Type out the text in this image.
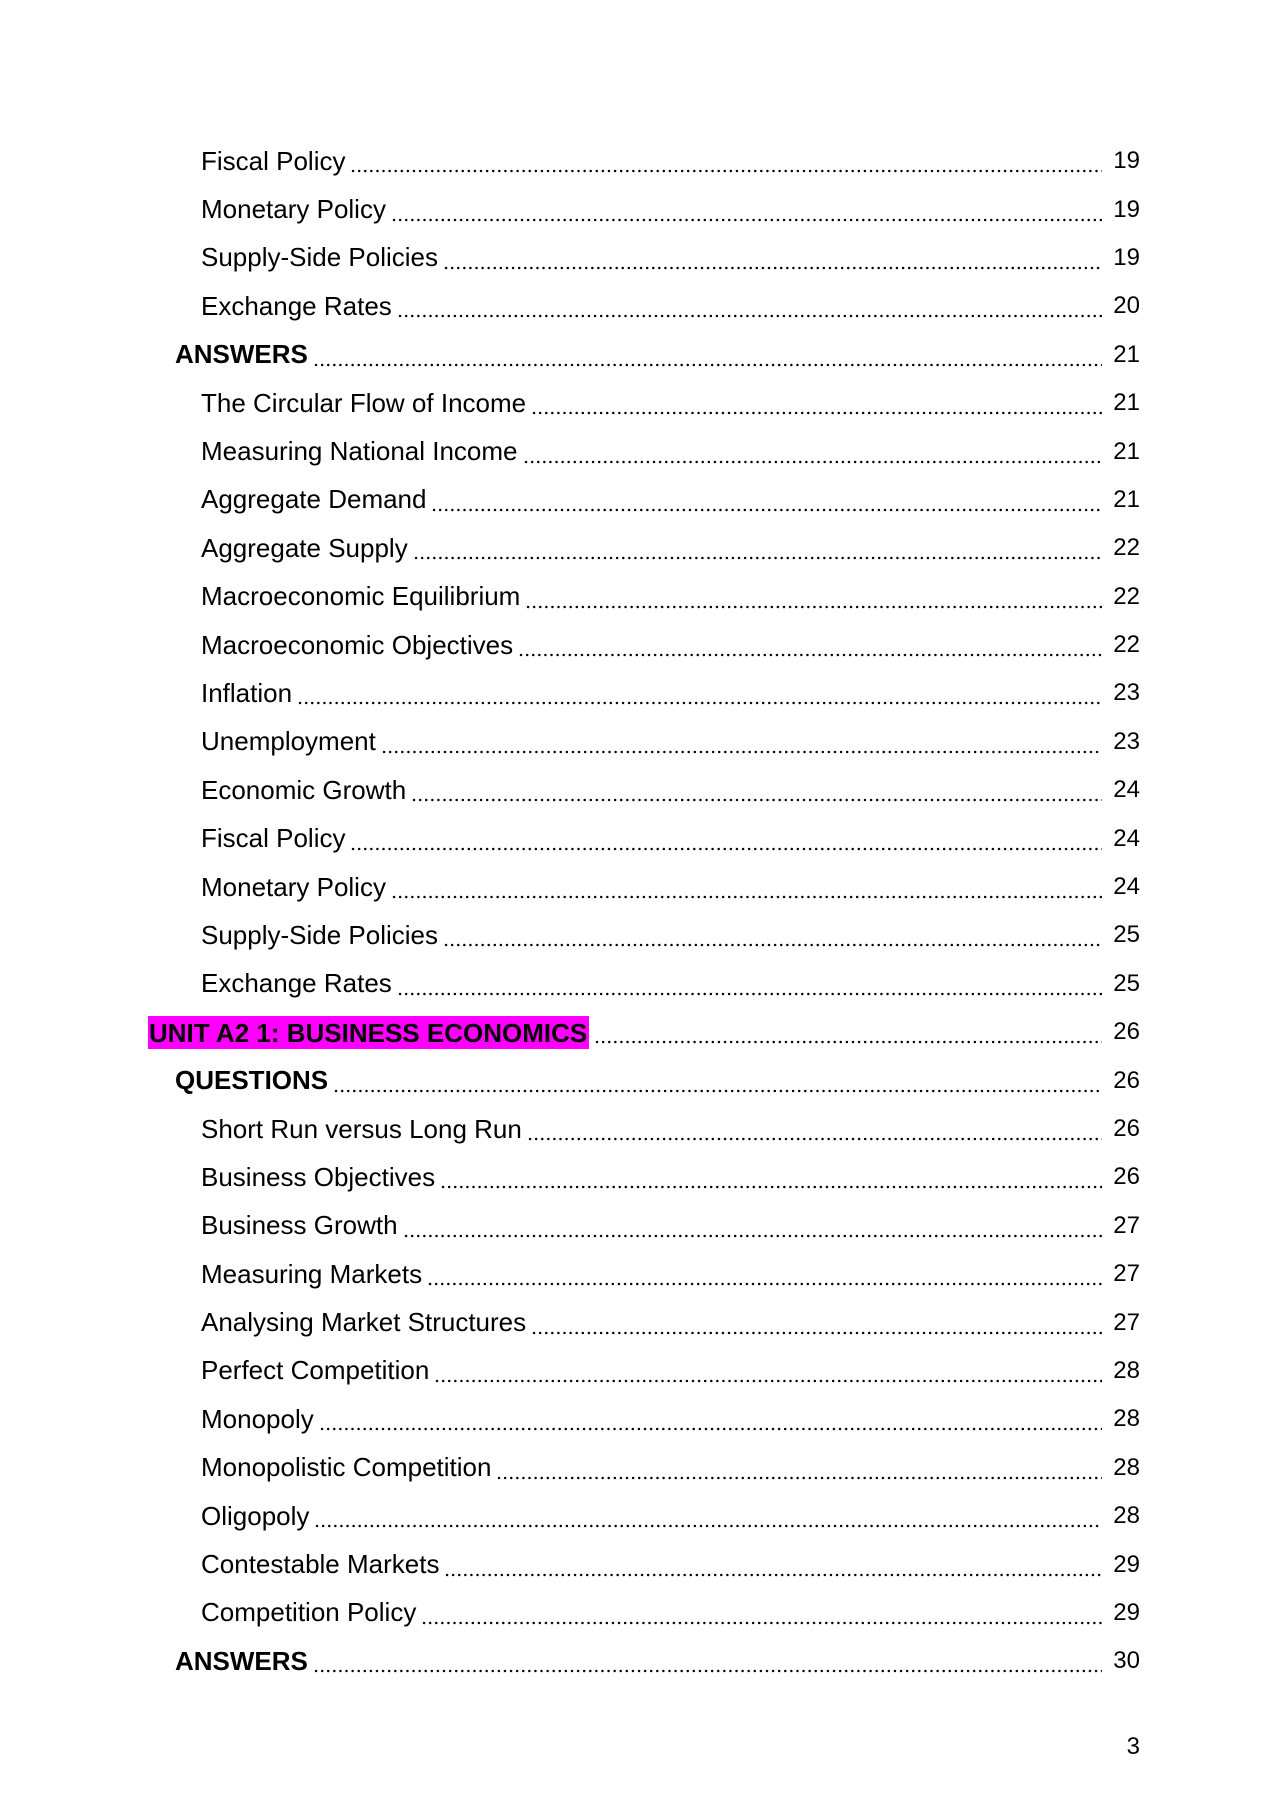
Fiscal Policy	19
Monetary Policy	19
Supply-Side Policies	19
Exchange Rates	20
ANSWERS	21
The Circular Flow of Income	21
Measuring National Income	21
Aggregate Demand	21
Aggregate Supply	22
Macroeconomic Equilibrium	22
Macroeconomic Objectives	22
Inflation	23
Unemployment	23
Economic Growth	24
Fiscal Policy	24
Monetary Policy	24
Supply-Side Policies	25
Exchange Rates	25
UNIT A2 1: BUSINESS ECONOMICS	26
QUESTIONS	26
Short Run versus Long Run	26
Business Objectives	26
Business Growth	27
Measuring Markets	27
Analysing Market Structures	27
Perfect Competition	28
Monopoly	28
Monopolistic Competition	28
Oligopoly	28
Contestable Markets	29
Competition Policy	29
ANSWERS	30
3
